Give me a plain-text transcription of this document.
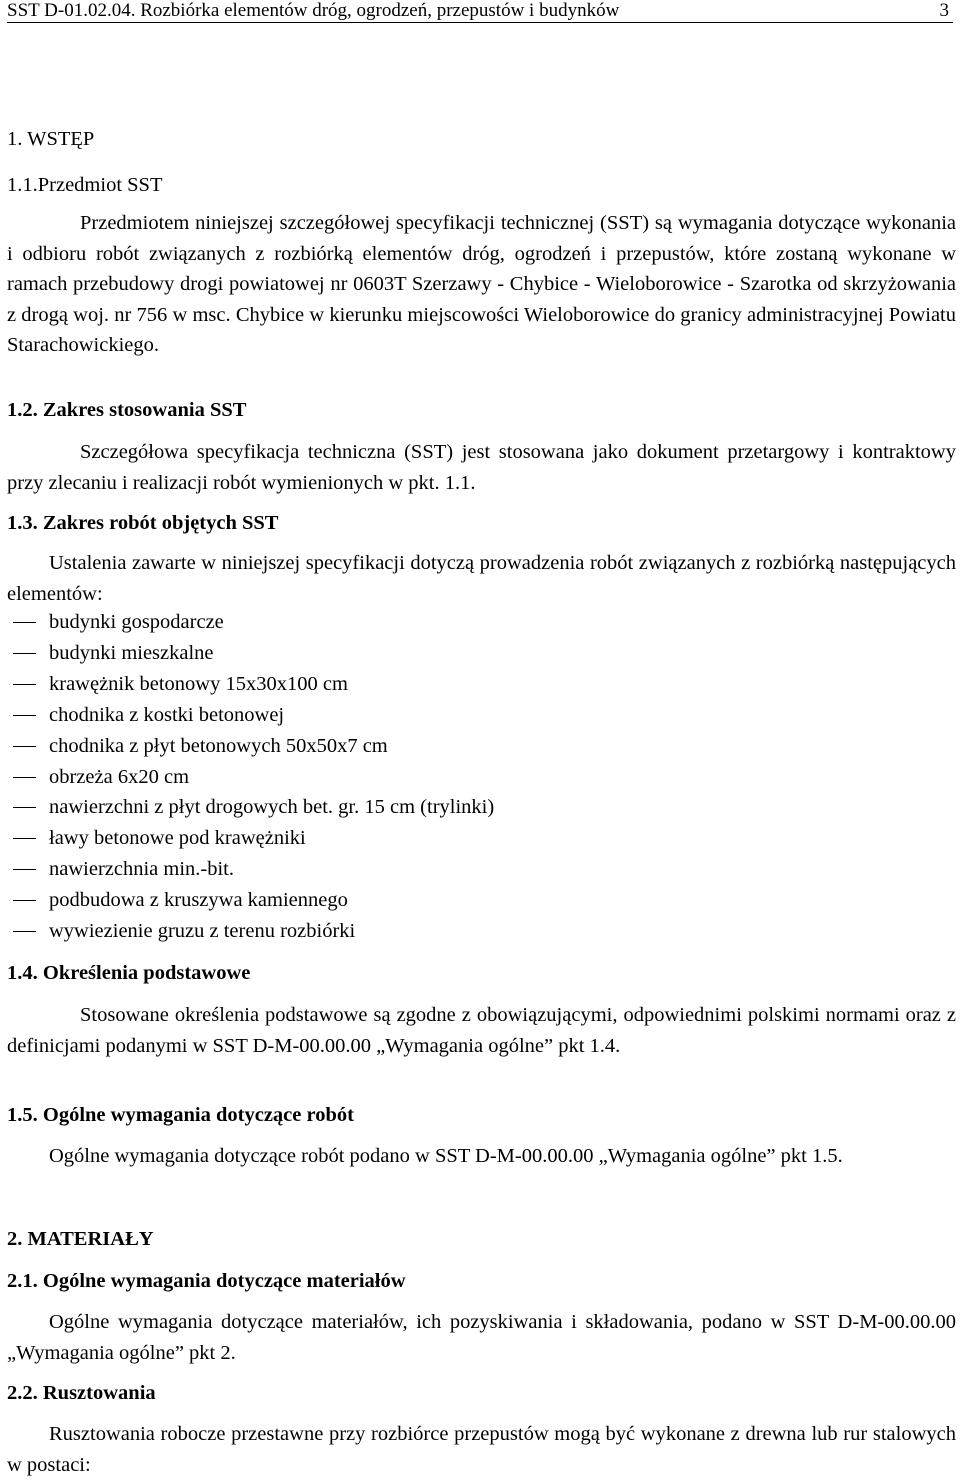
SST D-01.02.04. Rozbiórka elementów dróg, ogrodzeń, przepustów i budynków	3
1. WSTĘP
1.1.Przedmiot SST
Przedmiotem niniejszej szczegółowej specyfikacji technicznej (SST) są wymagania dotyczące wykonania i odbioru robót związanych z rozbiórką elementów dróg, ogrodzeń i przepustów, które zostaną wykonane w ramach przebudowy drogi powiatowej nr 0603T Szerzawy - Chybice - Wieloborowice - Szarotka od skrzyżowania z drogą woj. nr 756 w msc. Chybice w kierunku miejscowości Wieloborowice do granicy administracyjnej Powiatu Starachowickiego.
1.2. Zakres stosowania SST
Szczegółowa specyfikacja techniczna (SST) jest stosowana jako dokument przetargowy i kontraktowy przy zlecaniu i realizacji robót wymienionych w pkt. 1.1.
1.3. Zakres robót objętych SST
Ustalenia zawarte w niniejszej specyfikacji dotyczą prowadzenia robót związanych z rozbiórką następujących elementów:
budynki gospodarcze
budynki mieszkalne
krawężnik betonowy 15x30x100 cm
chodnika z kostki betonowej
chodnika z płyt betonowych 50x50x7 cm
obrzeża 6x20 cm
nawierzchni z płyt drogowych bet. gr. 15 cm (trylinki)
ławy betonowe pod krawężniki
nawierzchnia min.-bit.
podbudowa z kruszywa kamiennego
wywiezienie gruzu z terenu rozbiórki
1.4. Określenia podstawowe
Stosowane określenia podstawowe są zgodne z obowiązującymi, odpowiednimi polskimi normami oraz z definicjami podanymi w SST D-M-00.00.00 „Wymagania ogólne” pkt 1.4.
1.5. Ogólne wymagania dotyczące robót
Ogólne wymagania dotyczące robót podano w SST D-M-00.00.00 „Wymagania ogólne” pkt 1.5.
2. MATERIAŁY
2.1. Ogólne wymagania dotyczące materiałów
Ogólne wymagania dotyczące materiałów, ich pozyskiwania i składowania, podano w SST D-M-00.00.00 „Wymagania ogólne” pkt 2.
2.2. Rusztowania
Rusztowania robocze przestawne przy rozbiórce przepustów mogą być wykonane z drewna lub rur stalowych w postaci:
